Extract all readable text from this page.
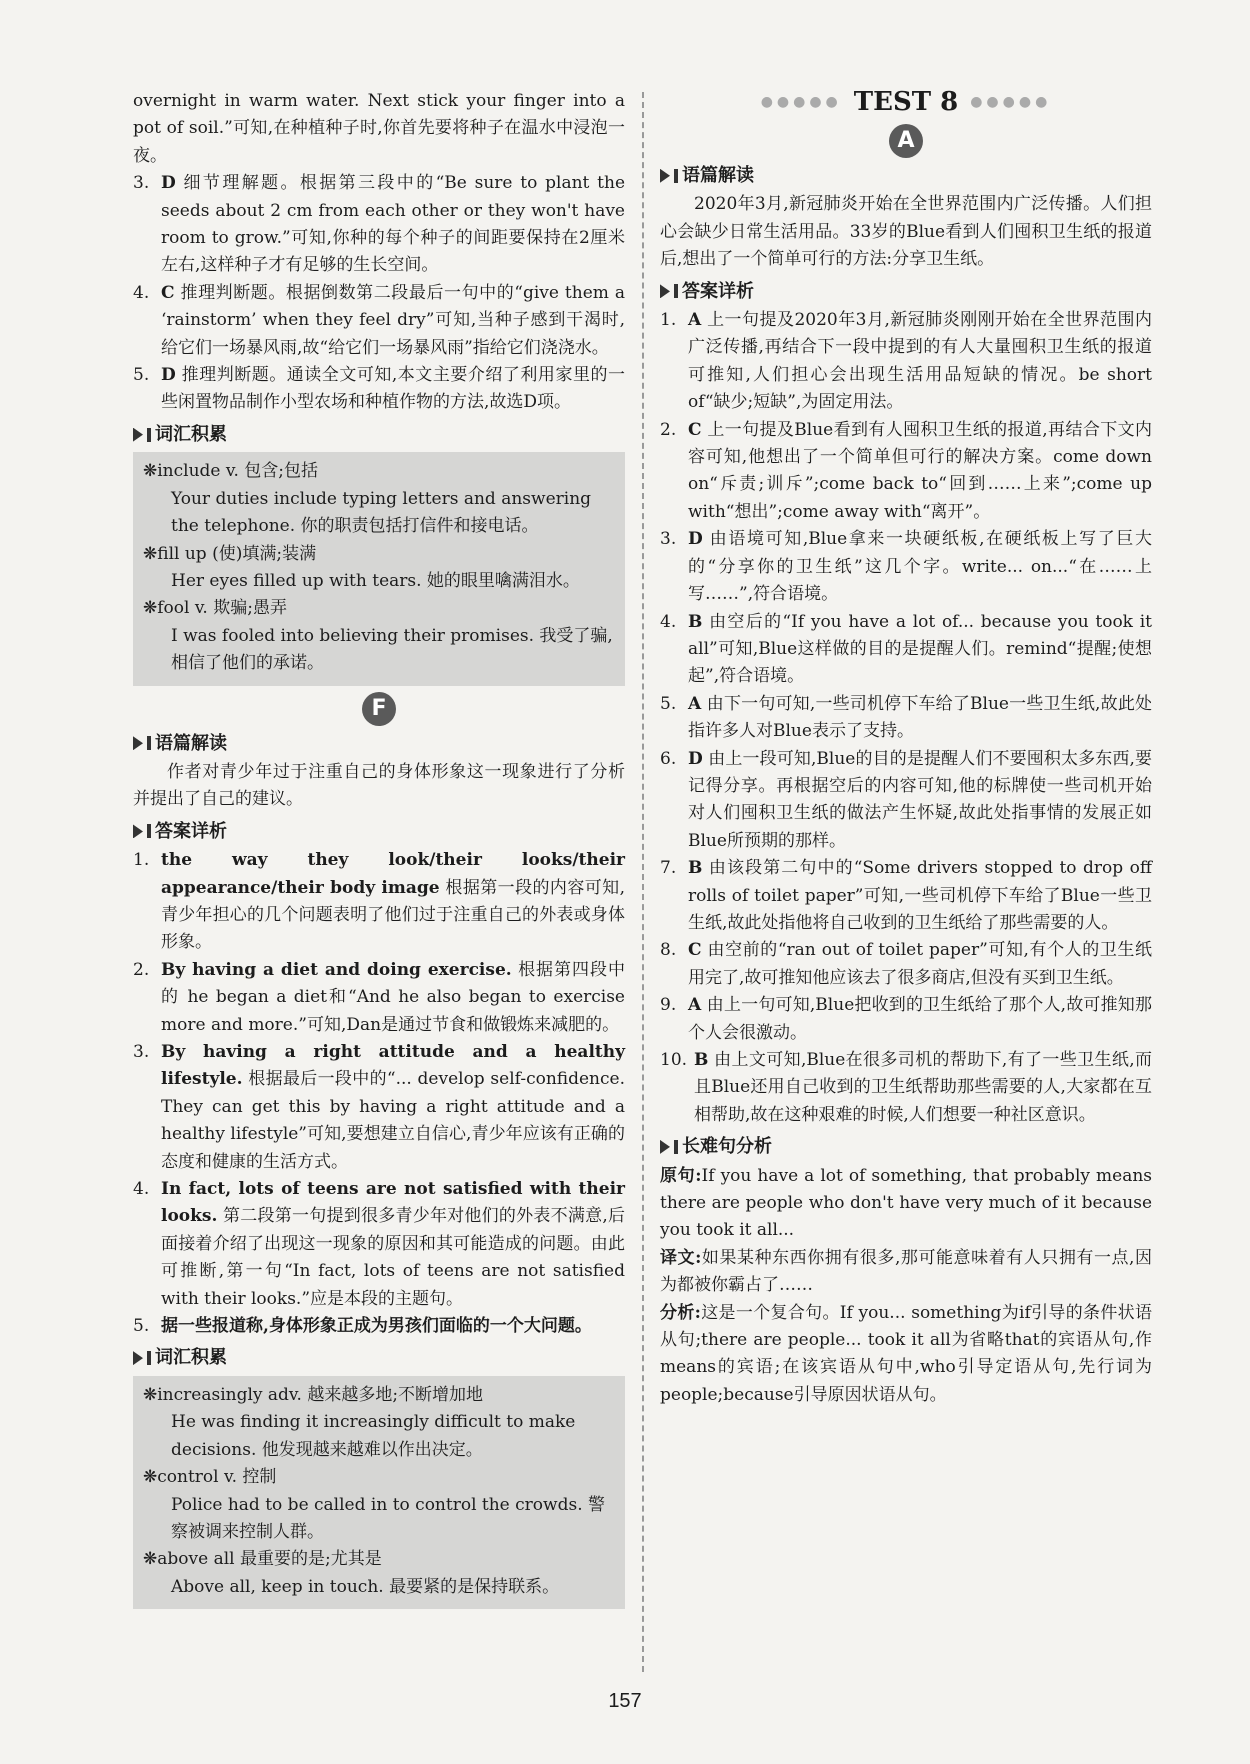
overnight in warm water. Next stick your finger into a pot of soil.”可知,在种植种子时,你首先要将种子在温水中浸泡一夜。

3. D 细节理解题。根据第三段中的“Be sure to plant the seeds about 2 cm from each other or they won't have room to grow.”可知,你种的每个种子的间距要保持在2厘米左右,这样种子才有足够的生长空间。

4. C 推理判断题。根据倒数第二段最后一句中的“give them a ‘rainstorm’ when they feel dry”可知,当种子感到干渴时,给它们一场暴风雨,故“给它们一场暴风雨”指给它们浇浇水。

5. D 推理判断题。通读全文可知,本文主要介绍了利用家里的一些闲置物品制作小型农场和种植作物的方法,故选D项。

词汇积累

❋include v. 包含;包括

Your duties include typing letters and answering the telephone. 你的职责包括打信件和接电话。

❋fill up (使)填满;装满

Her eyes filled up with tears. 她的眼里噙满泪水。

❋fool v. 欺骗;愚弄

I was fooled into believing their promises. 我受了骗,相信了他们的承诺。

F
语篇解读

作者对青少年过于注重自己的身体形象这一现象进行了分析并提出了自己的建议。

答案详析

1. the way they look/their looks/their appearance/their body image 根据第一段的内容可知,青少年担心的几个问题表明了他们过于注重自己的外表或身体形象。

2. By having a diet and doing exercise. 根据第四段中的 he began a diet和“And he also began to exercise more and more.”可知,Dan是通过节食和做锻炼来减肥的。

3. By having a right attitude and a healthy lifestyle. 根据最后一段中的“... develop self-confidence. They can get this by having a right attitude and a healthy lifestyle”可知,要想建立自信心,青少年应该有正确的态度和健康的生活方式。

4. In fact, lots of teens are not satisfied with their looks. 第二段第一句提到很多青少年对他们的外表不满意,后面接着介绍了出现这一现象的原因和其可能造成的问题。由此可推断,第一句“In fact, lots of teens are not satisfied with their looks.”应是本段的主题句。

5. 据一些报道称,身体形象正成为男孩们面临的一个大问题。

词汇积累

❋increasingly adv. 越来越多地;不断增加地

He was finding it increasingly difficult to make decisions. 他发现越来越难以作出决定。

❋control v. 控制

Police had to be called in to control the crowds. 警察被调来控制人群。

❋above all 最重要的是;尤其是

Above all, keep in touch. 最要紧的是保持联系。

●●●●● TEST 8 ●●●●●
A
语篇解读

2020年3月,新冠肺炎开始在全世界范围内广泛传播。人们担心会缺少日常生活用品。33岁的Blue看到人们囤积卫生纸的报道后,想出了一个简单可行的方法:分享卫生纸。

答案详析

1. A 上一句提及2020年3月,新冠肺炎刚刚开始在全世界范围内广泛传播,再结合下一段中提到的有人大量囤积卫生纸的报道可推知,人们担心会出现生活用品短缺的情况。be short of“缺少;短缺”,为固定用法。

2. C 上一句提及Blue看到有人囤积卫生纸的报道,再结合下文内容可知,他想出了一个简单但可行的解决方案。come down on“斥责;训斥”;come back to“回到……上来”;come up with“想出”;come away with“离开”。

3. D 由语境可知,Blue拿来一块硬纸板,在硬纸板上写了巨大的“分享你的卫生纸”这几个字。write... on...“在……上写……”,符合语境。

4. B 由空后的“If you have a lot of... because you took it all”可知,Blue这样做的目的是提醒人们。remind“提醒;使想起”,符合语境。

5. A 由下一句可知,一些司机停下车给了Blue一些卫生纸,故此处指许多人对Blue表示了支持。

6. D 由上一段可知,Blue的目的是提醒人们不要囤积太多东西,要记得分享。再根据空后的内容可知,他的标牌使一些司机开始对人们囤积卫生纸的做法产生怀疑,故此处指事情的发展正如Blue所预期的那样。

7. B 由该段第二句中的“Some drivers stopped to drop off rolls of toilet paper”可知,一些司机停下车给了Blue一些卫生纸,故此处指他将自己收到的卫生纸给了那些需要的人。

8. C 由空前的“ran out of toilet paper”可知,有个人的卫生纸用完了,故可推知他应该去了很多商店,但没有买到卫生纸。

9. A 由上一句可知,Blue把收到的卫生纸给了那个人,故可推知那个人会很激动。

10. B 由上文可知,Blue在很多司机的帮助下,有了一些卫生纸,而且Blue还用自己收到的卫生纸帮助那些需要的人,大家都在互相帮助,故在这种艰难的时候,人们想要一种社区意识。

长难句分析

原句:If you have a lot of something, that probably means there are people who don't have very much of it because you took it all...

译文:如果某种东西你拥有很多,那可能意味着有人只拥有一点,因为都被你霸占了……

分析:这是一个复合句。If you... something为if引导的条件状语从句;there are people... took it all为省略that的宾语从句,作means的宾语;在该宾语从句中,who引导定语从句,先行词为people;because引导原因状语从句。

157
